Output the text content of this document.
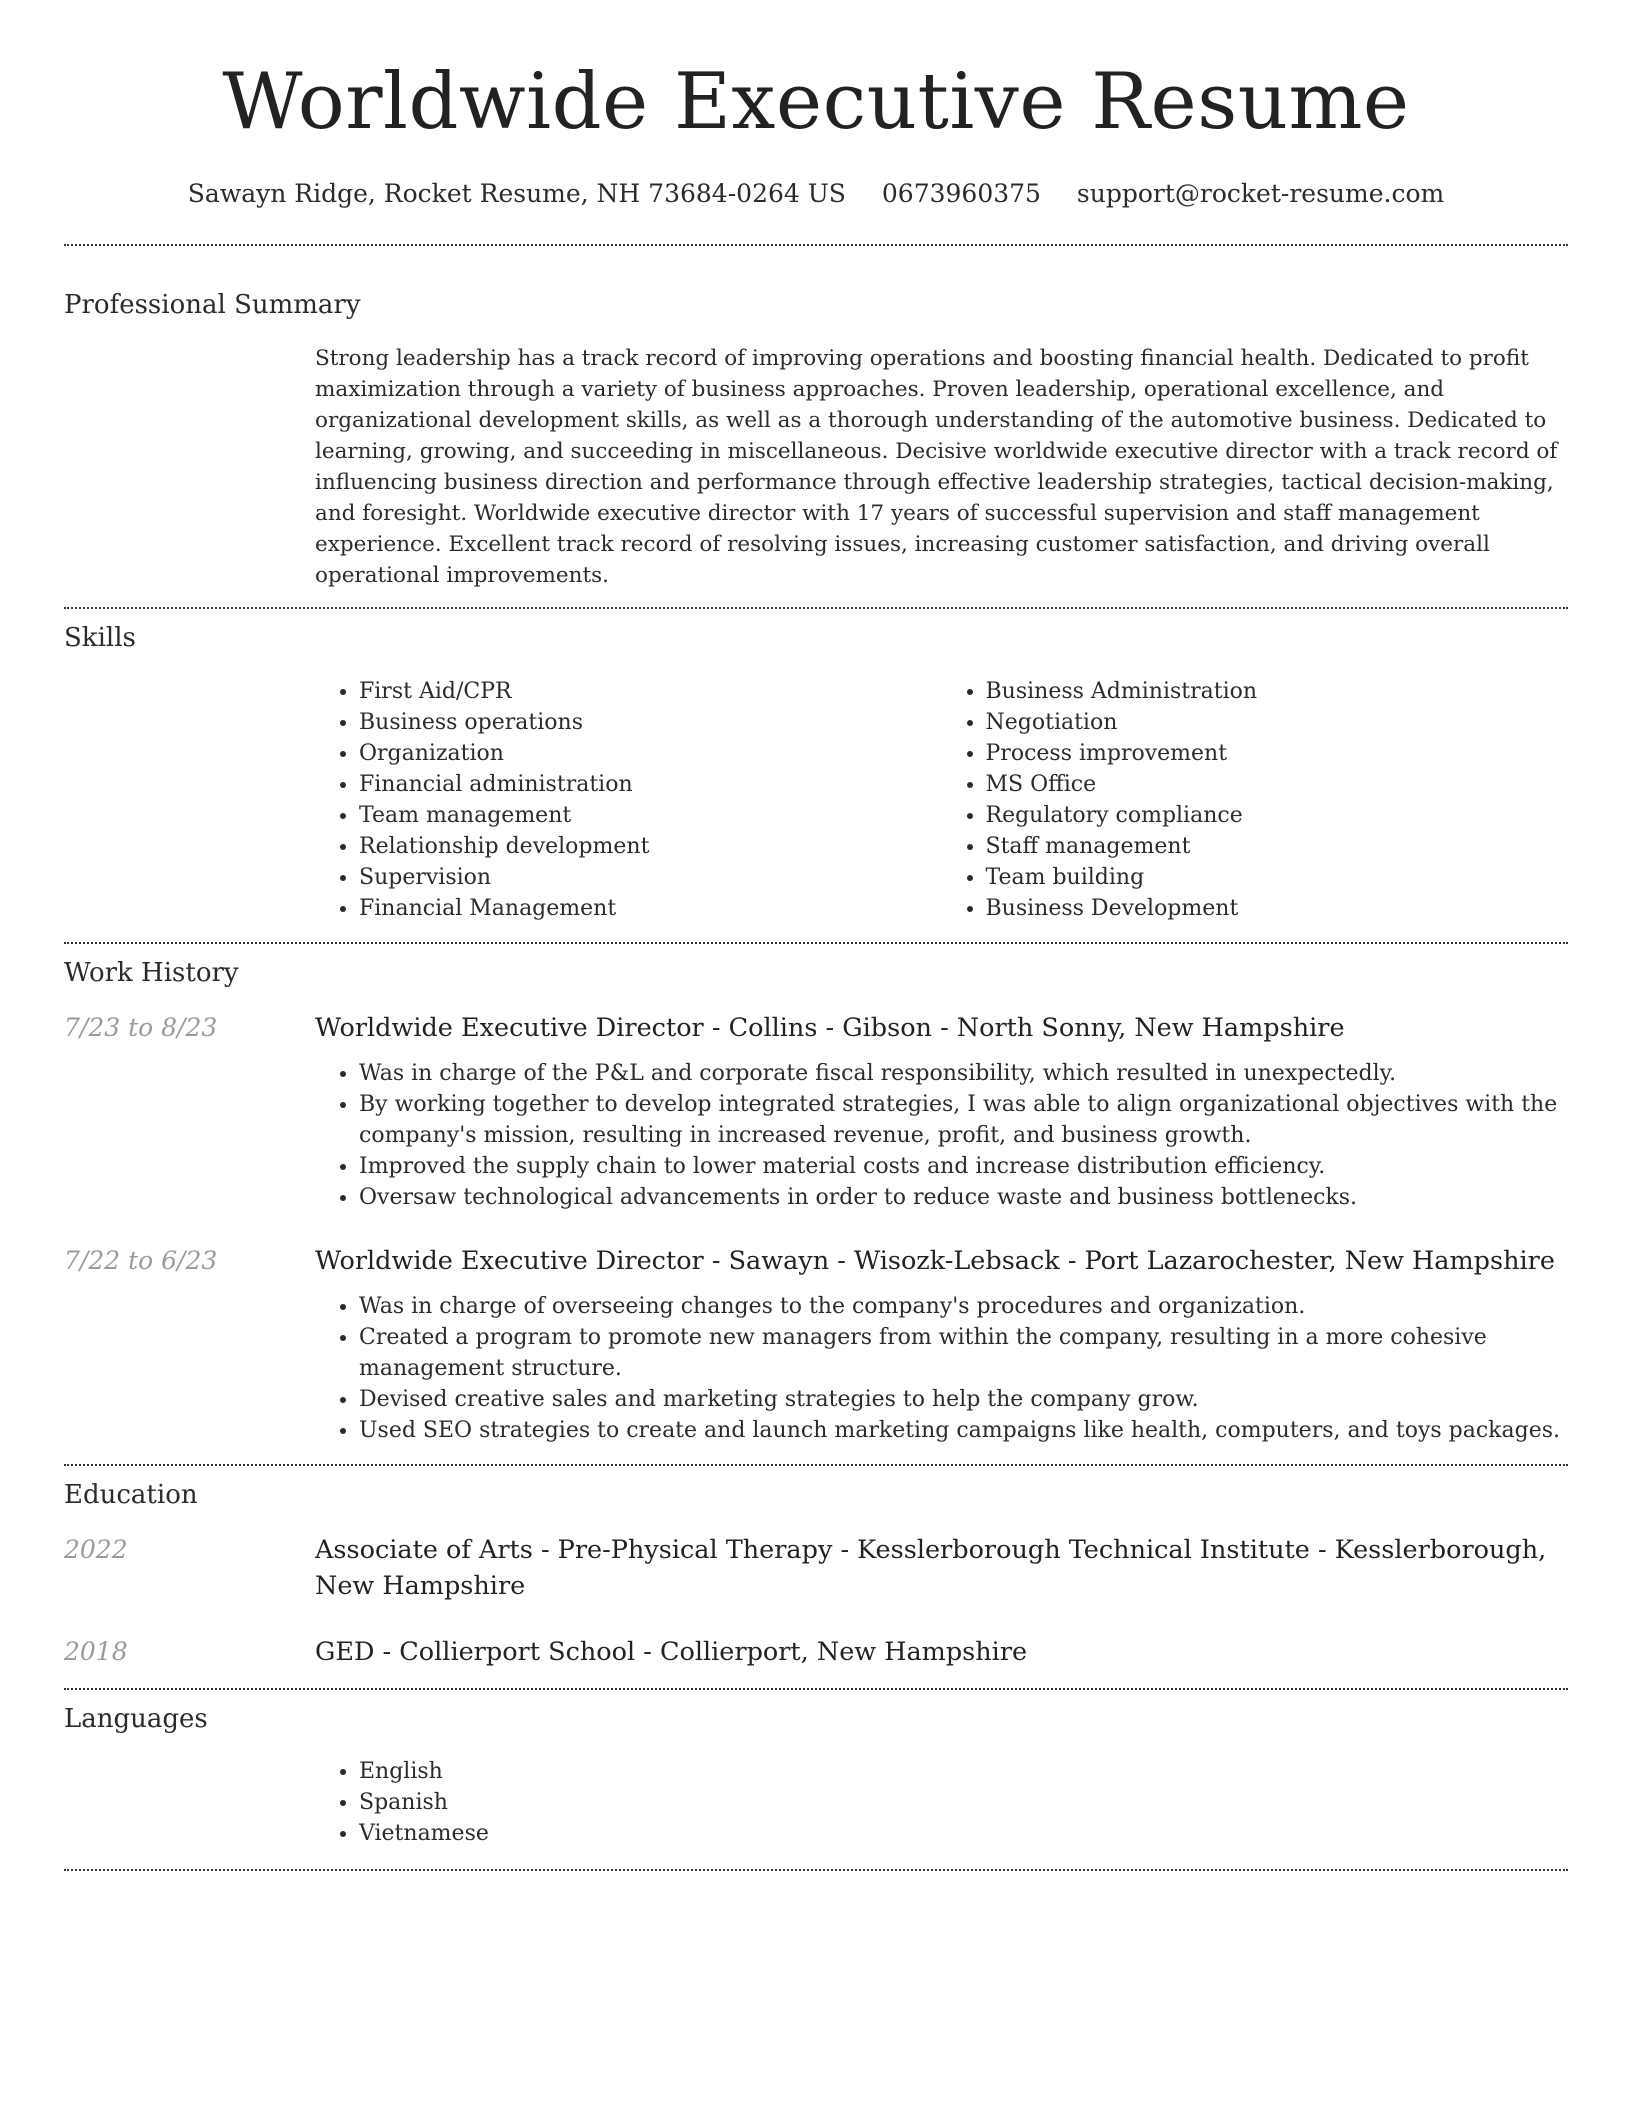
Worldwide Executive Resume
Sawayn Ridge, Rocket Resume, NH 73684-0264 US 0673960375 support@rocket-resume.com
Professional Summary

Strong leadership has a track record of improving operations and boosting financial health. Dedicated to profit maximization through a variety of business approaches. Proven leadership, operational excellence, and organizational development skills, as well as a thorough understanding of the automotive business. Dedicated to learning, growing, and succeeding in miscellaneous. Decisive worldwide executive director with a track record of influencing business direction and performance through effective leadership strategies, tactical decision-making, and foresight. Worldwide executive director with 17 years of successful supervision and staff management experience. Excellent track record of resolving issues, increasing customer satisfaction, and driving overall operational improvements.

Skills
• First Aid/CPR
• Business operations
• Organization
• Financial administration
• Team management
• Relationship development
• Supervision
• Financial Management
• Business Administration
• Negotiation
• Process improvement
• MS Office
• Regulatory compliance
• Staff management
• Team building
• Business Development
Work History
7/23 to 8/23	Worldwide Executive Director - Collins - Gibson - North Sonny, New Hampshire
• Was in charge of the P&L and corporate fiscal responsibility, which resulted in unexpectedly.
• By working together to develop integrated strategies, I was able to align organizational objectives with the company's mission, resulting in increased revenue, profit, and business growth.
• Improved the supply chain to lower material costs and increase distribution efficiency.
• Oversaw technological advancements in order to reduce waste and business bottlenecks.
7/22 to 6/23	Worldwide Executive Director - Sawayn - Wisozk-Lebsack - Port Lazarochester, New Hampshire
• Was in charge of overseeing changes to the company's procedures and organization.
• Created a program to promote new managers from within the company, resulting in a more cohesive management structure.
• Devised creative sales and marketing strategies to help the company grow.
• Used SEO strategies to create and launch marketing campaigns like health, computers, and toys packages.
Education
2022	Associate of Arts - Pre-Physical Therapy - Kesslerborough Technical Institute - Kesslerborough, New Hampshire
2018	GED - Collierport School - Collierport, New Hampshire
Languages
• English
• Spanish
• Vietnamese
